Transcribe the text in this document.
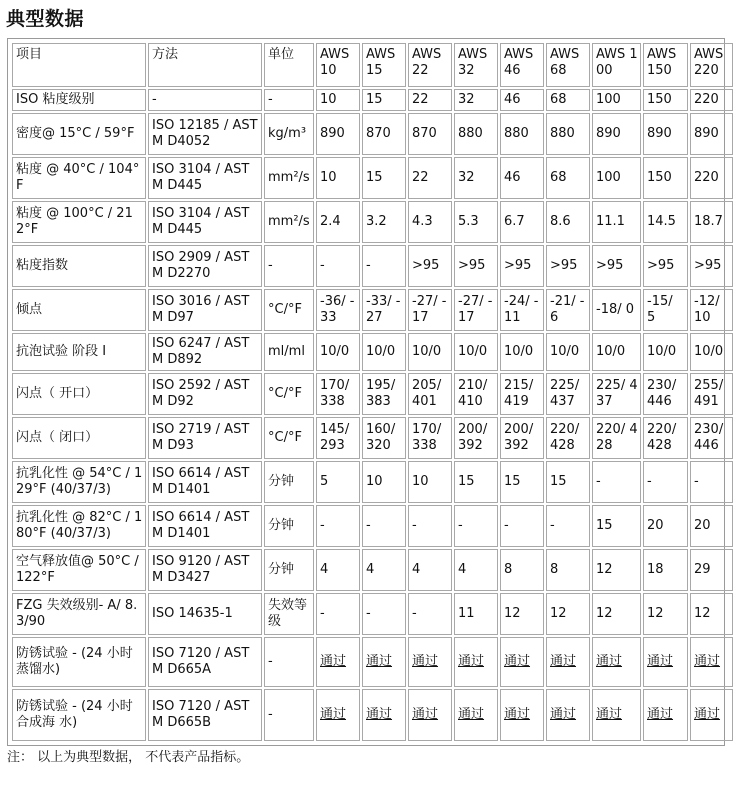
典型数据
项目	方法	单位	AWS 10	AWS 15	AWS 22	AWS 32	AWS 46	AWS 68	AWS 100	AWS 150	AWS 220
ISO 粘度级别	-	-	10	15	22	32	46	68	100	150	220
密度@ 15°C / 59°F	ISO 12185 / ASTM D4052	kg/m³	890	870	870	880	880	880	890	890	890
粘度 @ 40°C / 104°F	ISO 3104 / ASTM D445	mm²/s	10	15	22	32	46	68	100	150	220
粘度 @ 100°C / 212°F	ISO 3104 / ASTM D445	mm²/s	2.4	3.2	4.3	5.3	6.7	8.6	11.1	14.5	18.7
粘度指数	ISO 2909 / ASTM D2270	-	-	-	>95	>95	>95	>95	>95	>95	>95
倾点	ISO 3016 / ASTM D97	°C/°F	-36/ -33	-33/ -27	-27/ -17	-27/ -17	-24/ -11	-21/ -6	-18/ 0	-15/ 5	-12/ 10
抗泡试验 阶段 I	ISO 6247 / ASTM D892	ml/ml	10/0	10/0	10/0	10/0	10/0	10/0	10/0	10/0	10/0
闪点（ 开口）	ISO 2592 / ASTM D92	°C/°F	170/ 338	195/ 383	205/ 401	210/ 410	215/ 419	225/ 437	225/ 437	230/ 446	255/ 491
闪点（ 闭口）	ISO 2719 / ASTM D93	°C/°F	145/ 293	160/ 320	170/ 338	200/ 392	200/ 392	220/ 428	220/ 428	220/ 428	230/ 446
抗乳化性 @ 54°C / 129°F (40/37/3)	ISO 6614 / ASTM D1401	分钟	5	10	10	15	15	15	-	-	-
抗乳化性 @ 82°C / 180°F (40/37/3)	ISO 6614 / ASTM D1401	分钟	-	-	-	-	-	-	15	20	20
空气释放值@ 50°C / 122°F	ISO 9120 / ASTM D3427	分钟	4	4	4	4	8	8	12	18	29
FZG 失效级别- A/ 8.3/90	ISO 14635-1	失效等级	-	-	-	11	12	12	12	12	12
防锈试验 - (24 小时 蒸馏水)	ISO 7120 / ASTM D665A	-	通过	通过	通过	通过	通过	通过	通过	通过	通过
防锈试验 - (24 小时 合成海 水)	ISO 7120 / ASTM D665B	-	通过	通过	通过	通过	通过	通过	通过	通过	通过
注： 以上为典型数据， 不代表产品指标。
